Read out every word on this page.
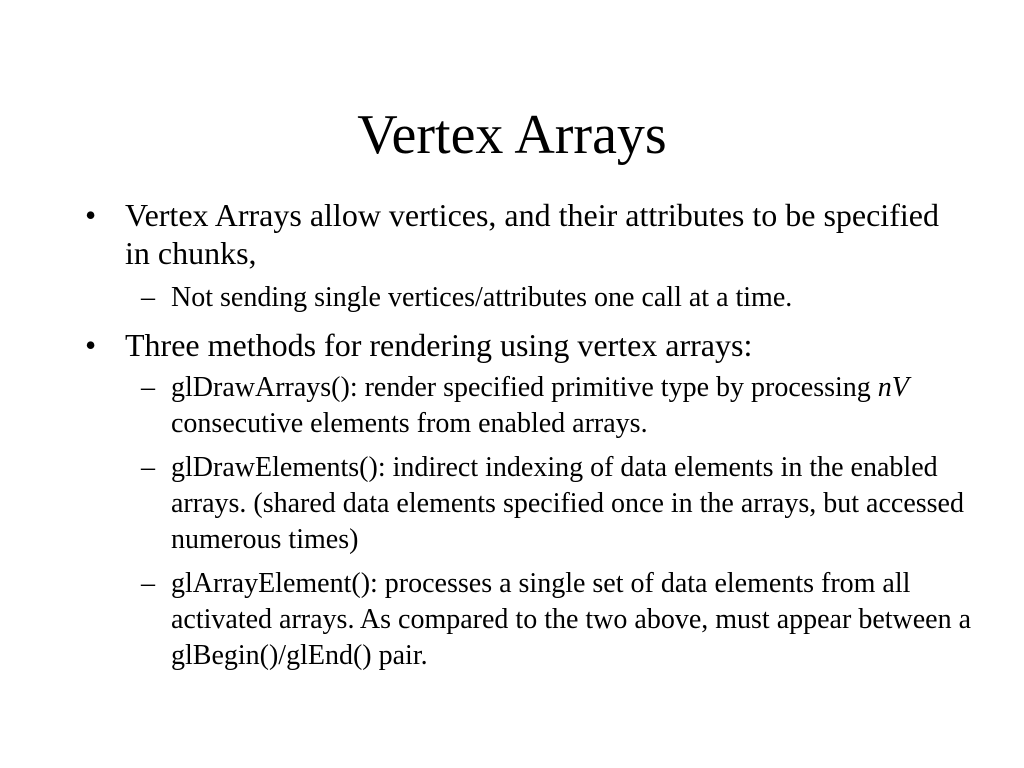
Vertex Arrays
• Vertex Arrays allow vertices, and their attributes to be specified in chunks,
– Not sending single vertices/attributes one call at a time.
• Three methods for rendering using vertex arrays:
– glDrawArrays(): render specified primitive type by processing nV consecutive elements from enabled arrays.
– glDrawElements(): indirect indexing of data elements in the enabled arrays. (shared data elements specified once in the arrays, but accessed numerous times)
– glArrayElement(): processes a single set of data elements from all activated arrays. As compared to the two above, must appear between a glBegin()/glEnd() pair.
